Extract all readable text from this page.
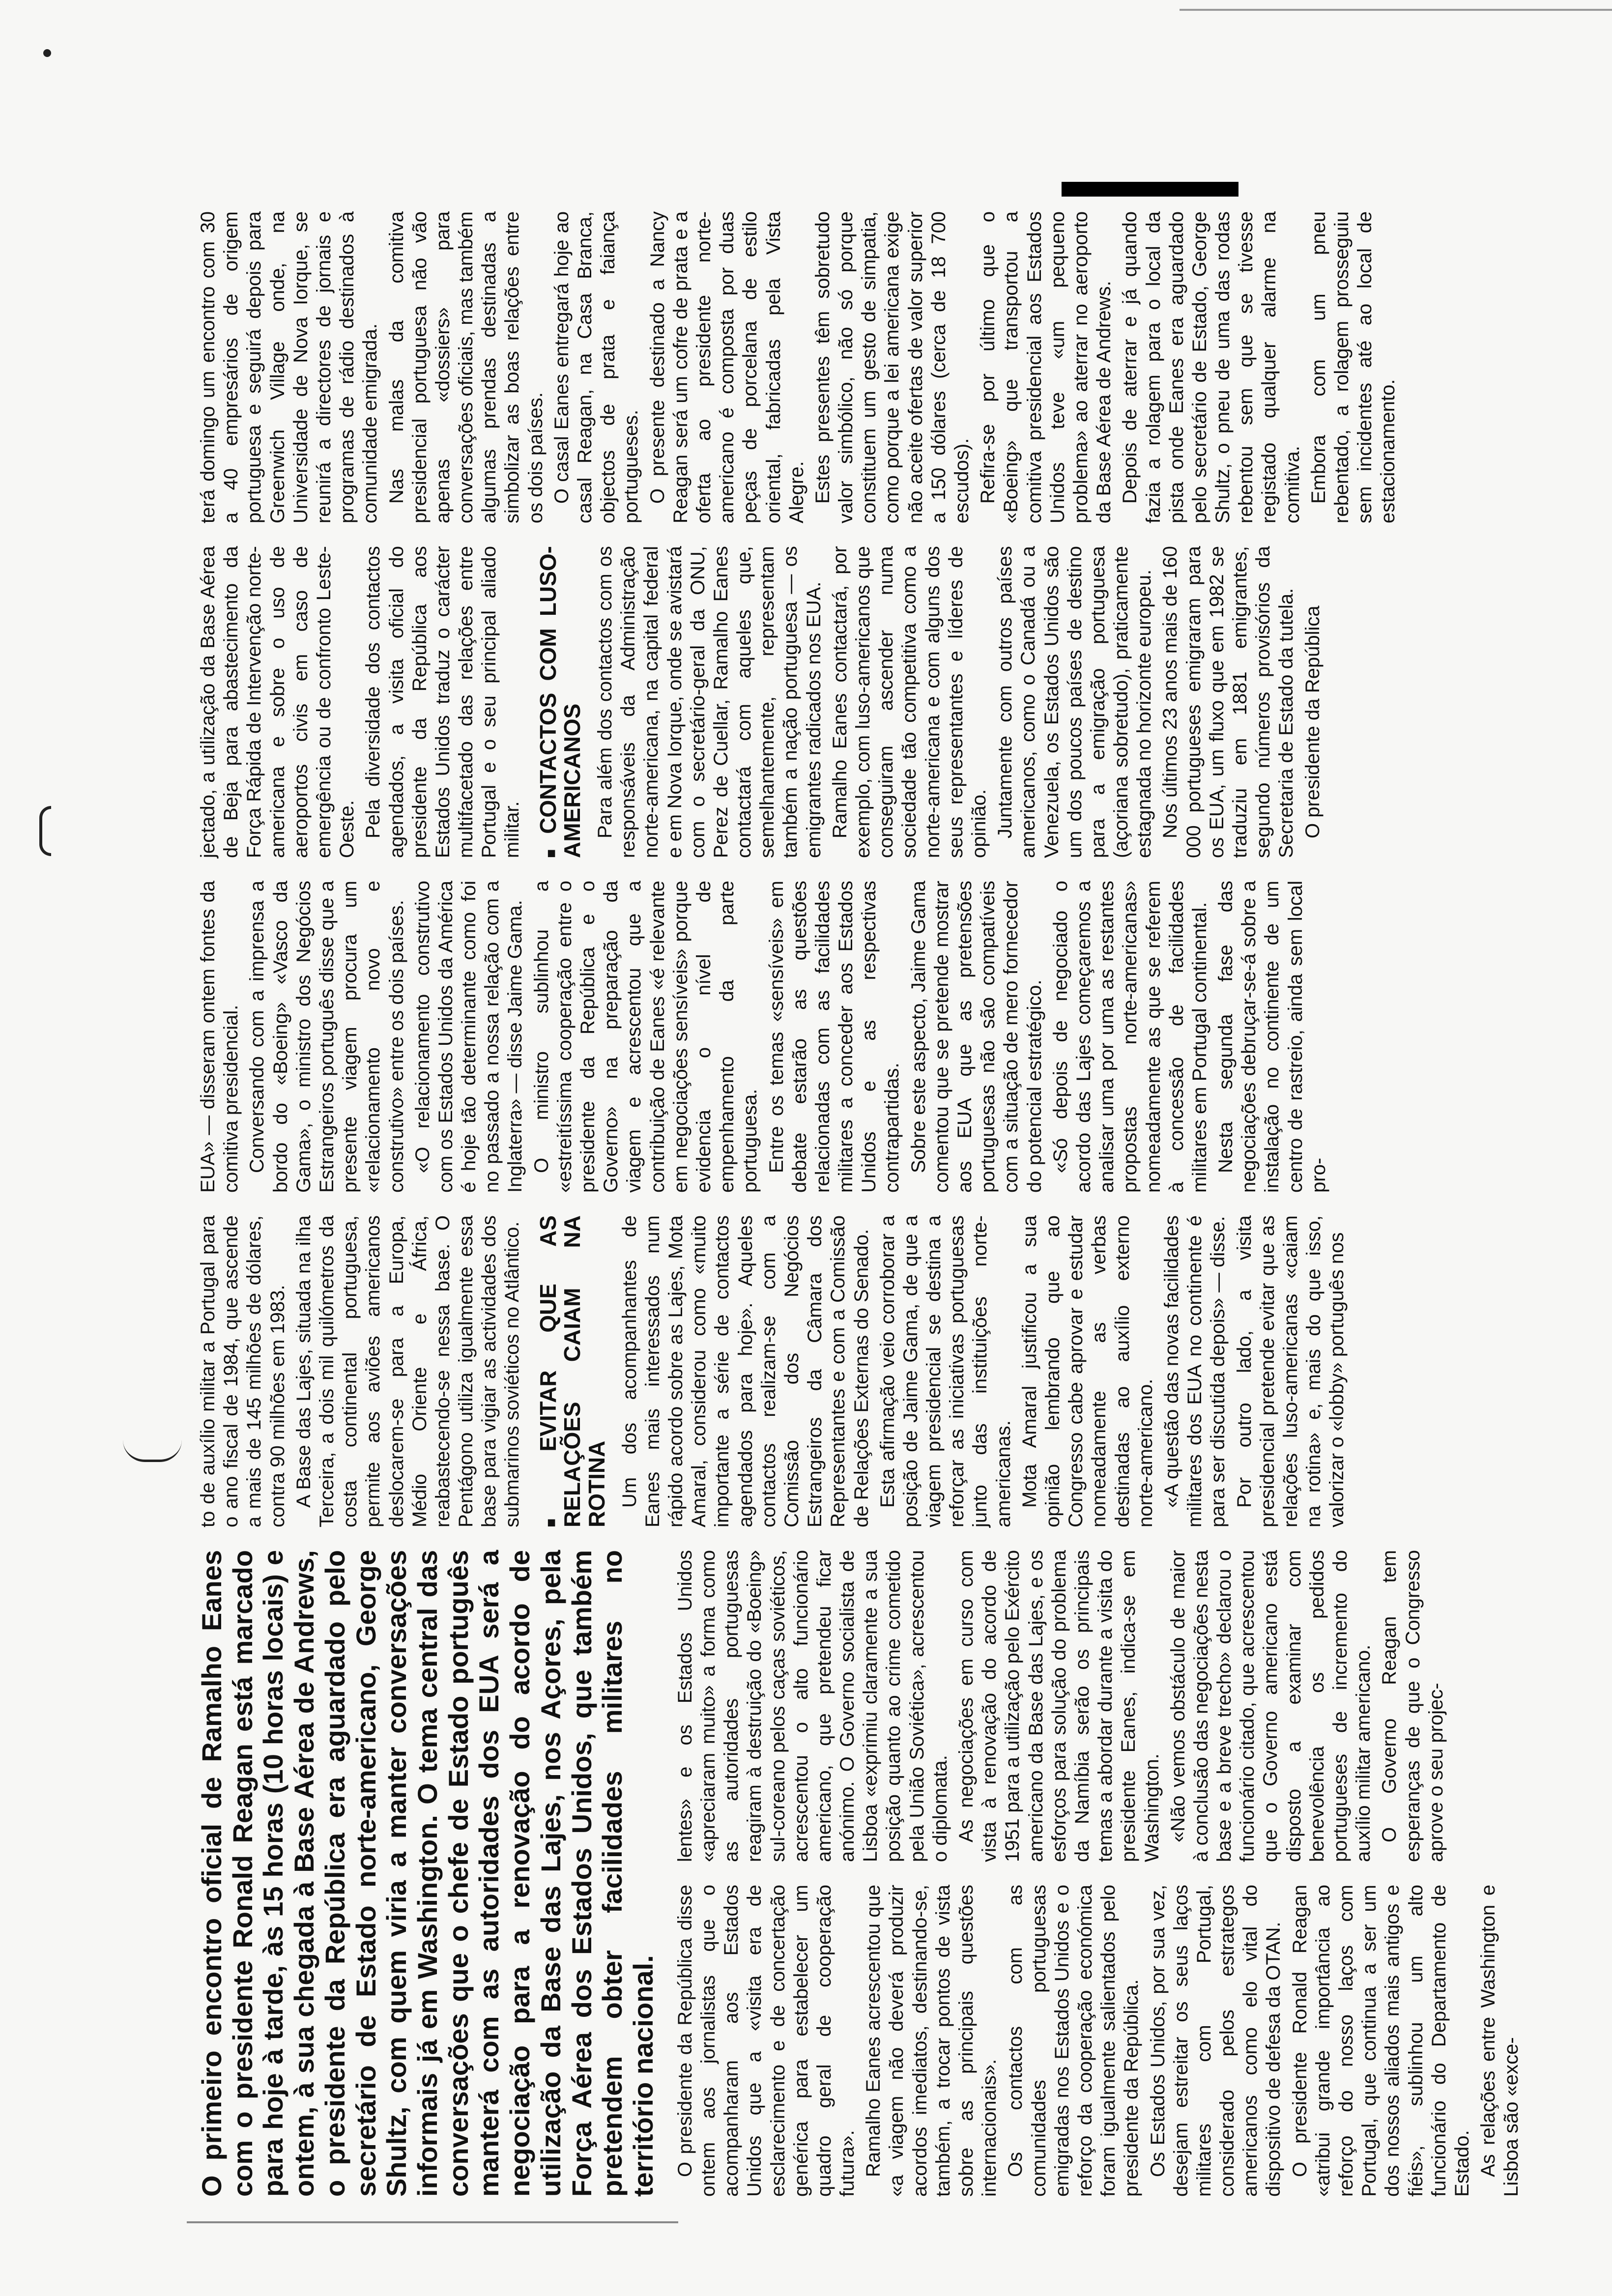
O primeiro encontro oficial de Ramalho Eanes com o presidente Ronald Reagan está marcado para hoje à tarde, às 15 horas (10 horas locais) e ontem, à sua chegada à Base Aérea de Andrews, o presidente da República era aguardado pelo secretário de Estado norte-americano, George Shultz, com quem viria a manter conversações informais já em Washington. O tema central das conversações que o chefe de Estado português manterá com as autoridades dos EUA será a negociação para a renovação do acordo de utilização da Base das Lajes, nos Açores, pela Força Aérea dos Estados Unidos, que também pretendem obter facilidades militares no território nacional. O presidente da República disse ontem aos jornalistas que o acompanharam aos Estados Unidos que a «visita era de esclarecimento e de concertação genérica para estabelecer um quadro geral de cooperação futura». Ramalho Eanes acrescentou que «a viagem não deverá produzir acordos imediatos, destinando-se, também, a trocar pontos de vista sobre as principais questões internacionais». Os contactos com as comunidades portuguesas emigradas nos Estados Unidos e o reforço da cooperação económica foram igualmente salientados pelo presidente da República. Os Estados Unidos, por sua vez, desejam estreitar os seus laços militares com Portugal, considerado pelos estrategos americanos como elo vital do dispositivo de defesa da OTAN. O presidente Ronald Reagan «atribui grande importância ao reforço do nosso laços com Portugal, que continua a ser um dos nossos aliados mais antigos e fiéis», sublinhou um alto funcionário do Departamento de Estado. As relações entre Washington e Lisboa são «exce-

lentes» e os Estados Unidos «apreciaram muito» a forma como as autoridades portuguesas reagiram à destruição do «Boeing» sul-coreano pelos caças soviéticos, acrescentou o alto funcionário americano, que pretendeu ficar anónimo. O Governo socialista de Lisboa «exprimiu claramente a sua posição quanto ao crime cometido pela União Soviética», acrescentou o diplomata. As negociações em curso com vista à renovação do acordo de 1951 para a utilização pelo Exército americano da Base das Lajes, e os esforços para solução do problema da Namíbia serão os principais temas a abordar durante a visita do presidente Eanes, indica-se em Washington. «Não vemos obstáculo de maior à conclusão das negociações nesta base e a breve trecho» declarou o funcionário citado, que acrescentou que o Governo americano está disposto a examinar com benevolência os pedidos portugueses de incremento do auxílio militar americano. O Governo Reagan tem esperanças de que o Congresso aprove o seu projec-

to de auxílio militar a Portugal para o ano fiscal de 1984, que ascende a mais de 145 milhões de dólares, contra 90 milhões em 1983. A Base das Lajes, situada na ilha Terceira, a dois mil quilómetros da costa continental portuguesa, permite aos aviões americanos deslocarem-se para a Europa, Médio Oriente e África, reabastecendo-se nessa base. O Pentágono utiliza igualmente essa base para vigiar as actividades dos submarinos soviéticos no Atlântico. ■ EVITAR QUE AS RELAÇÕES CAIAM NA ROTINA Um dos acompanhantes de Eanes mais interessados num rápido acordo sobre as Lajes, Mota Amaral, considerou como «muito importante a série de contactos agendados para hoje». Aqueles contactos realizam-se com a Comissão dos Negócios Estrangeiros da Câmara dos Representantes e com a Comissão de Relações Externas do Senado. Esta afirmação veio corroborar a posição de Jaime Gama, de que a viagem presidencial se destina a reforçar as iniciativas portuguesas junto das instituições norte-americanas. Mota Amaral justificou a sua opinião lembrando que ao Congresso cabe aprovar e estudar nomeadamente as verbas destinadas ao auxílio externo norte-americano. «A questão das novas facilidades militares dos EUA no continente é para ser discutida depois» — disse. Por outro lado, a visita presidencial pretende evitar que as relações luso-americanas «caiam na rotina» e, mais do que isso, valorizar o «lobby» português nos

EUA» — disseram ontem fontes da comitiva presidencial. Conversando com a imprensa a bordo do «Boeing» «Vasco da Gama», o ministro dos Negócios Estrangeiros português disse que a presente viagem procura um «relacionamento novo e construtivo» entre os dois países. «O relacionamento construtivo com os Estados Unidos da América é hoje tão determinante como foi no passado a nossa relação com a Inglaterra» — disse Jaime Gama. O ministro sublinhou a «estreitíssima cooperação entre o presidente da República e o Governo» na preparação da viagem e acrescentou que a contribuição de Eanes «é relevante em negociações sensíveis» porque evidencia o nível de empenhamento da parte portuguesa. Entre os temas «sensíveis» em debate estarão as questões relacionadas com as facilidades militares a conceder aos Estados Unidos e as respectivas contrapartidas. Sobre este aspecto, Jaime Gama comentou que se pretende mostrar aos EUA que as pretensões portuguesas não são compatíveis com a situação de mero fornecedor do potencial estratégico. «Só depois de negociado o acordo das Lajes começaremos a analisar uma por uma as restantes propostas norte-americanas» nomeadamente as que se referem à concessão de facilidades militares em Portugal continental. Nesta segunda fase das negociações debruçar-se-á sobre a instalação no continente de um centro de rastreio, ainda sem local pro-

jectado, a utilização da Base Aérea de Beja para abastecimento da Força Rápida de Intervenção norte-americana e sobre o uso de aeroportos civis em caso de emergência ou de confronto Leste-Oeste. Pela diversidade dos contactos agendados, a visita oficial do presidente da República aos Estados Unidos traduz o carácter multifacetado das relações entre Portugal e o seu principal aliado militar. ■ CONTACTOS COM LUSO-AMERICANOS Para além dos contactos com os responsáveis da Administração norte-americana, na capital federal e em Nova Iorque, onde se avistará com o secretário-geral da ONU, Perez de Cuellar, Ramalho Eanes contactará com aqueles que, semelhantemente, representam também a nação portuguesa — os emigrantes radicados nos EUA. Ramalho Eanes contactará, por exemplo, com luso-americanos que conseguiram ascender numa sociedade tão competitiva como a norte-americana e com alguns dos seus representantes e líderes de opinião. Juntamente com outros países americanos, como o Canadá ou a Venezuela, os Estados Unidos são um dos poucos países de destino para a emigração portuguesa (açoriana sobretudo), praticamente estagnada no horizonte europeu. Nos últimos 23 anos mais de 160 000 portugueses emigraram para os EUA, um fluxo que em 1982 se traduziu em 1881 emigrantes, segundo números provisórios da Secretaria de Estado da tutela. O presidente da República

terá domingo um encontro com 30 a 40 empresários de origem portuguesa e seguirá depois para Greenwich Village onde, na Universidade de Nova Iorque, se reunirá a directores de jornais e programas de rádio destinados à comunidade emigrada. Nas malas da comitiva presidencial portuguesa não vão apenas «dossiers» para conversações oficiais, mas também algumas prendas destinadas a simbolizar as boas relações entre os dois países. O casal Eanes entregará hoje ao casal Reagan, na Casa Branca, objectos de prata e faiança portugueses. O presente destinado a Nancy Reagan será um cofre de prata e a oferta ao presidente norte-americano é composta por duas peças de porcelana de estilo oriental, fabricadas pela Vista Alegre. Estes presentes têm sobretudo valor simbólico, não só porque constituem um gesto de simpatia, como porque a lei americana exige não aceite ofertas de valor superior a 150 dólares (cerca de 18 700 escudos). Refira-se por último que o «Boeing» que transportou a comitiva presidencial aos Estados Unidos teve «um pequeno problema» ao aterrar no aeroporto da Base Aérea de Andrews. Depois de aterrar e já quando fazia a rolagem para o local da pista onde Eanes era aguardado pelo secretário de Estado, George Shultz, o pneu de uma das rodas rebentou sem que se tivesse registado qualquer alarme na comitiva. Embora com um pneu rebentado, a rolagem prosseguiu sem incidentes até ao local de estacionamento.
